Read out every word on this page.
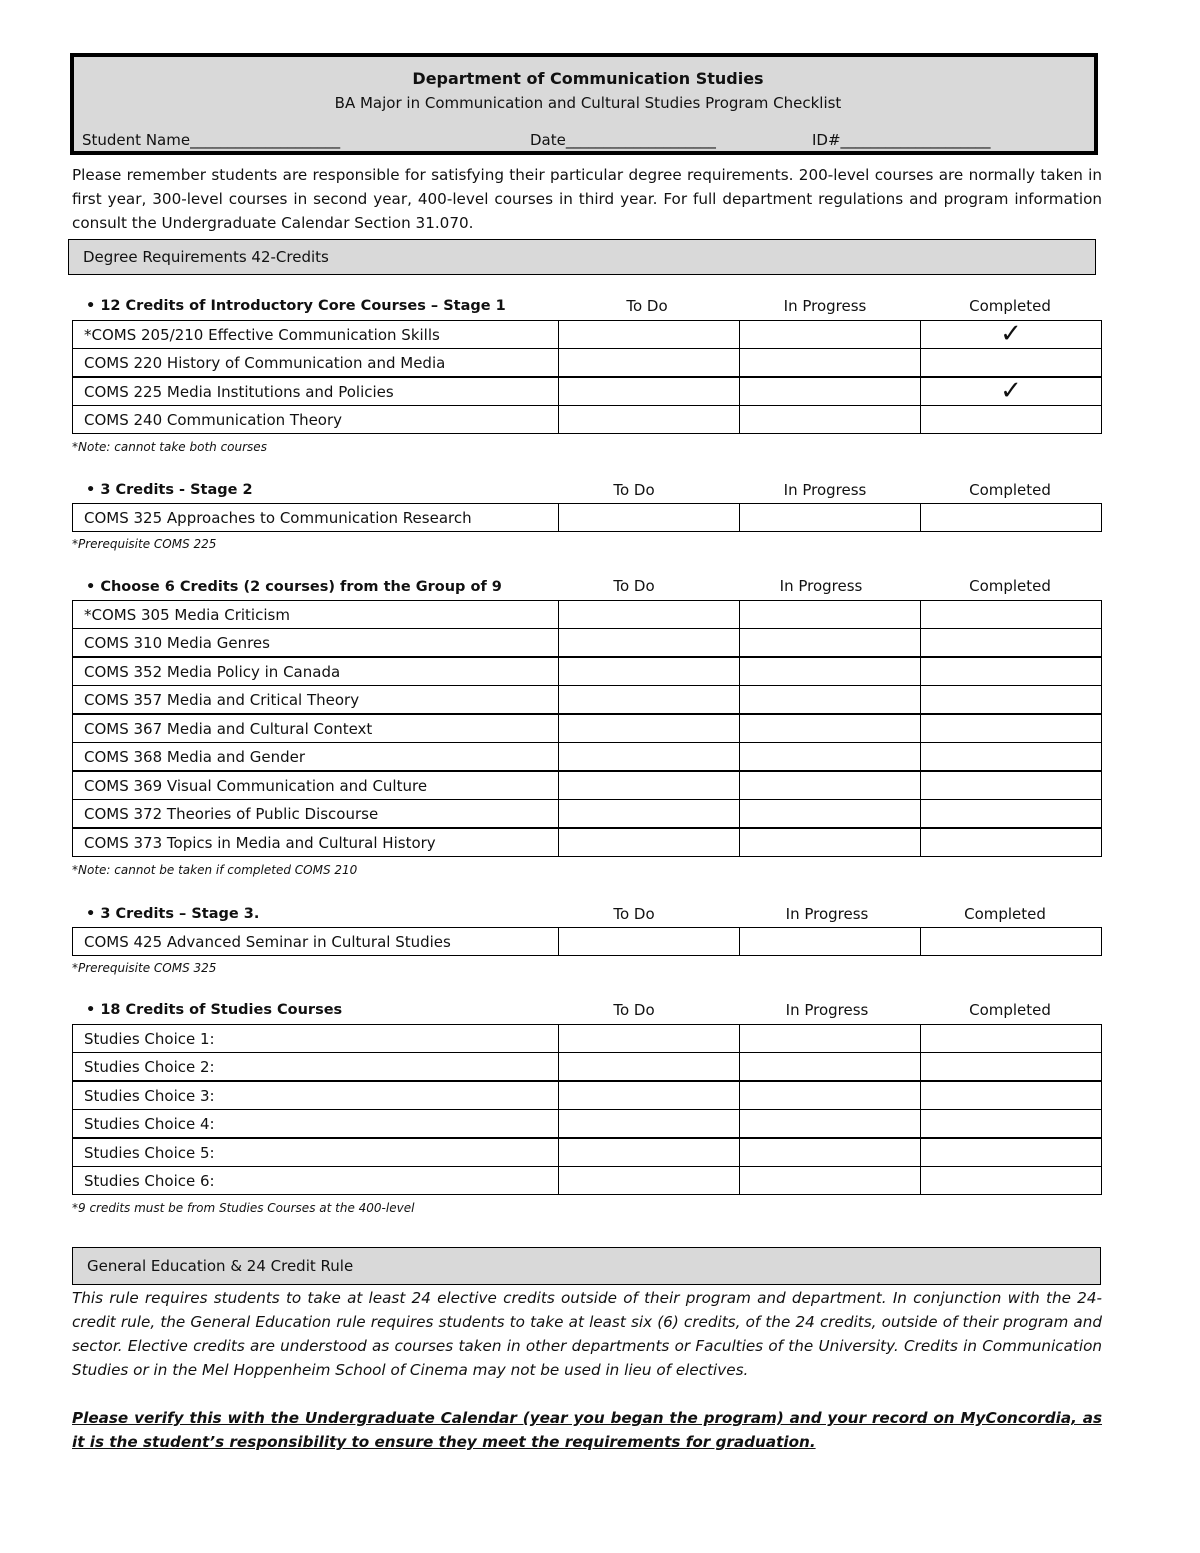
Department of Communication Studies
BA Major in Communication and Cultural Studies Program Checklist
Student Name____________________	Date____________________	ID#____________________
Please remember students are responsible for satisfying their particular degree requirements. 200-level courses are normally taken in first year, 300-level courses in second year, 400-level courses in third year. For full department regulations and program information consult the Undergraduate Calendar Section 31.070.
Degree Requirements 42-Credits
• 12 Credits of Introductory Core Courses – Stage 1	To Do	In Progress	Completed
*COMS 205/210 Effective Communication Skills			✓
COMS 220 History of Communication and Media			
COMS 225 Media Institutions and Policies			✓
COMS 240 Communication Theory			
*Note: cannot take both courses
• 3 Credits - Stage 2	To Do	In Progress	Completed
COMS 325 Approaches to Communication Research			
*Prerequisite COMS 225
• Choose 6 Credits (2 courses) from the Group of 9	To Do	In Progress	Completed
*COMS 305 Media Criticism			
COMS 310 Media Genres			
COMS 352 Media Policy in Canada			
COMS 357 Media and Critical Theory			
COMS 367 Media and Cultural Context			
COMS 368 Media and Gender			
COMS 369 Visual Communication and Culture			
COMS 372 Theories of Public Discourse			
COMS 373 Topics in Media and Cultural History			
*Note: cannot be taken if completed COMS 210
• 3 Credits – Stage 3.	To Do	In Progress	Completed
COMS 425 Advanced Seminar in Cultural Studies			
*Prerequisite COMS 325
• 18 Credits of Studies Courses	To Do	In Progress	Completed
Studies Choice 1:			
Studies Choice 2:			
Studies Choice 3:			
Studies Choice 4:			
Studies Choice 5:			
Studies Choice 6:			
*9 credits must be from Studies Courses at the 400-level
General Education & 24 Credit Rule
This rule requires students to take at least 24 elective credits outside of their program and department. In conjunction with the 24-credit rule, the General Education rule requires students to take at least six (6) credits, of the 24 credits, outside of their program and sector. Elective credits are understood as courses taken in other departments or Faculties of the University. Credits in Communication Studies or in the Mel Hoppenheim School of Cinema may not be used in lieu of electives.
Please verify this with the Undergraduate Calendar (year you began the program) and your record on MyConcordia, as it is the student’s responsibility to ensure they meet the requirements for graduation.
